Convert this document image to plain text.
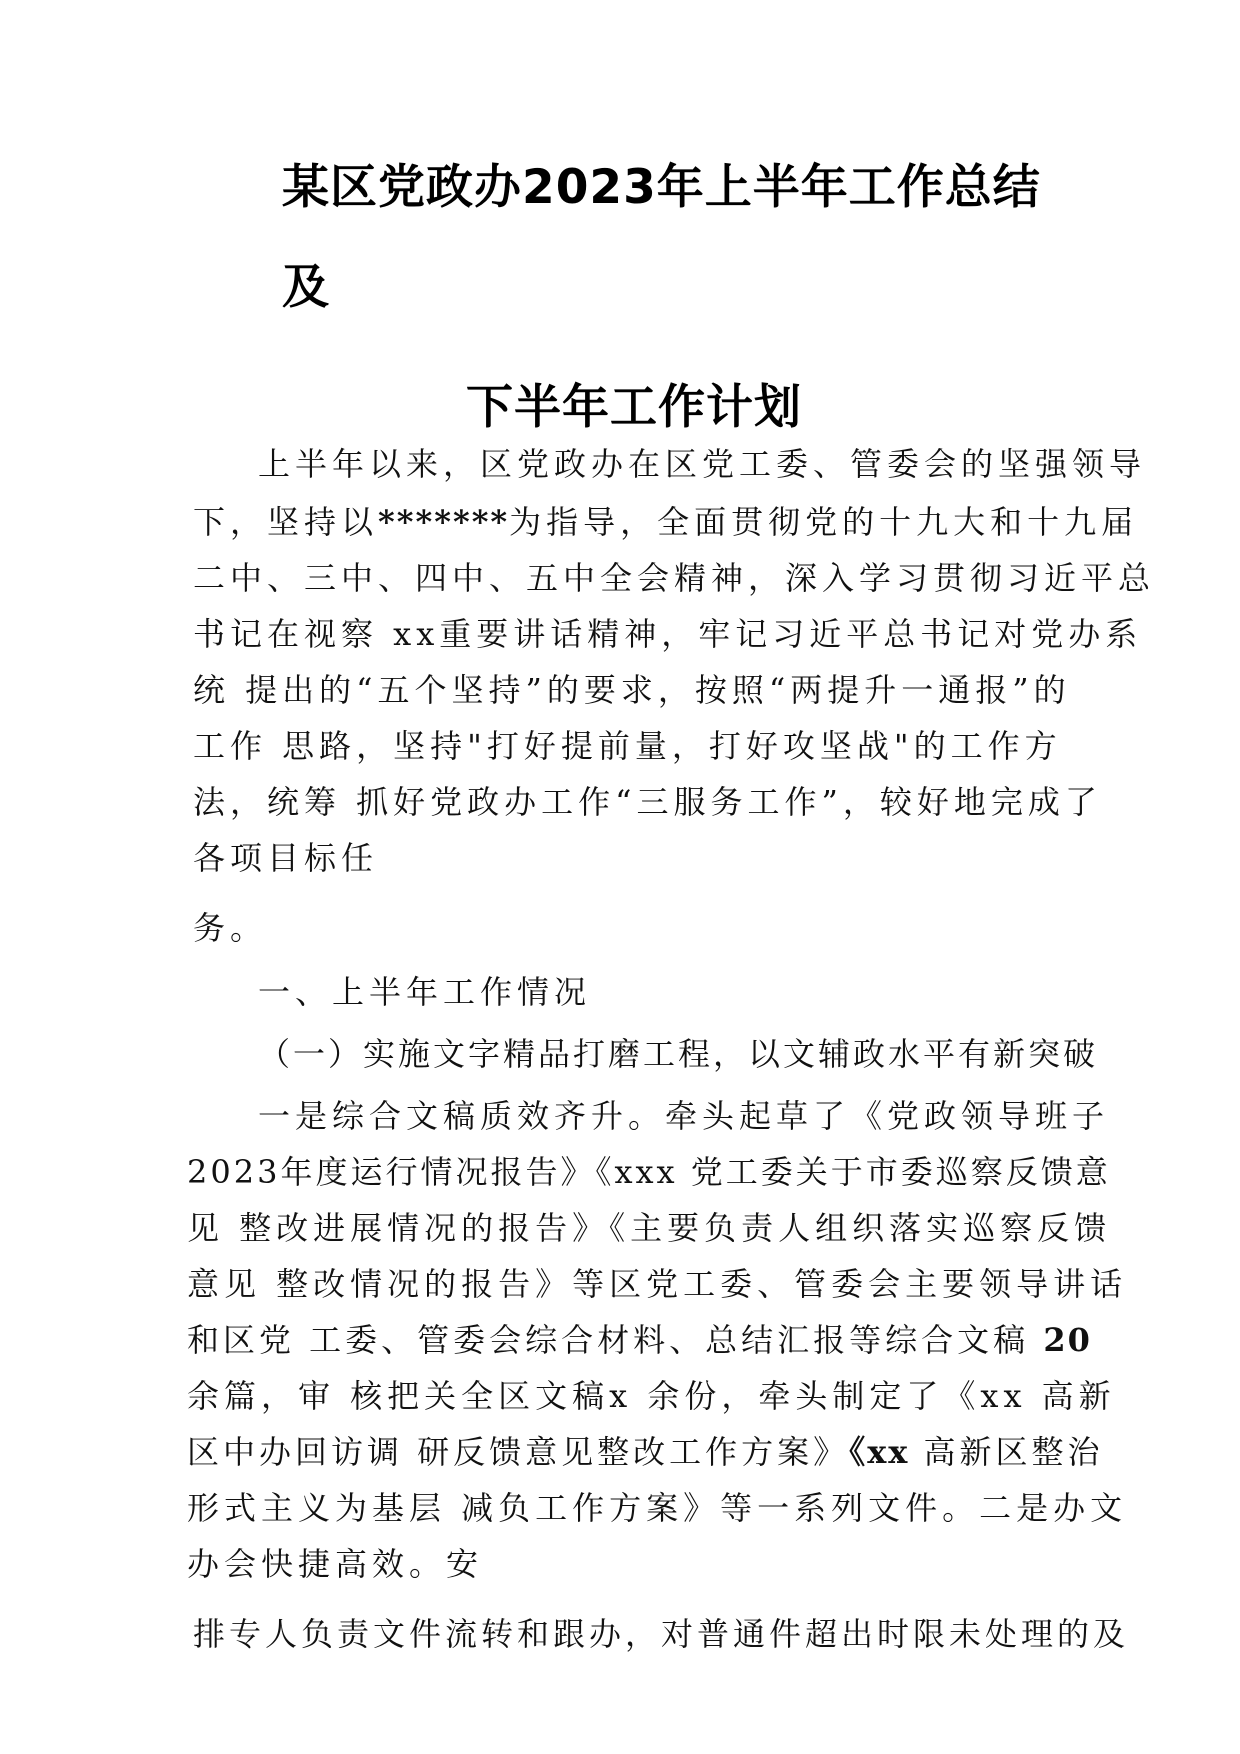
某区党政办2023年上半年工作总结
及
下半年工作计划

上半年以来，区党政办在区党工委、管委会的坚强领导

下，坚持以*******为指导，全面贯彻党的十九大和十九届

二中、三中、四中、五中全会精神，深入学习贯彻习近平总

书记在视察 xx重要讲话精神，牢记习近平总书记对党办系

统 提出的“五个坚持”的要求，按照“两提升一通报”的

工作 思路，坚持"打好提前量，打好攻坚战"的工作方

法，统筹 抓好党政办工作“三服务工作”，较好地完成了

各项目标任

务。

一、上半年工作情况

（一）实施文字精品打磨工程，以文辅政水平有新突破

一是综合文稿质效齐升。牵头起草了《党政领导班子

2023年度运行情况报告》《xxx 党工委关于市委巡察反馈意

见 整改进展情况的报告》《主要负责人组织落实巡察反馈

意见 整改情况的报告》等区党工委、管委会主要领导讲话

和区党 工委、管委会综合材料、总结汇报等综合文稿 20

余篇，审 核把关全区文稿x 余份，牵头制定了《xx 高新

区中办回访调 研反馈意见整改工作方案》《xx 高新区整治

形式主义为基层 减负工作方案》等一系列文件。二是办文

办会快捷高效。安

排专人负责文件流转和跟办，对普通件超出时限未处理的及
